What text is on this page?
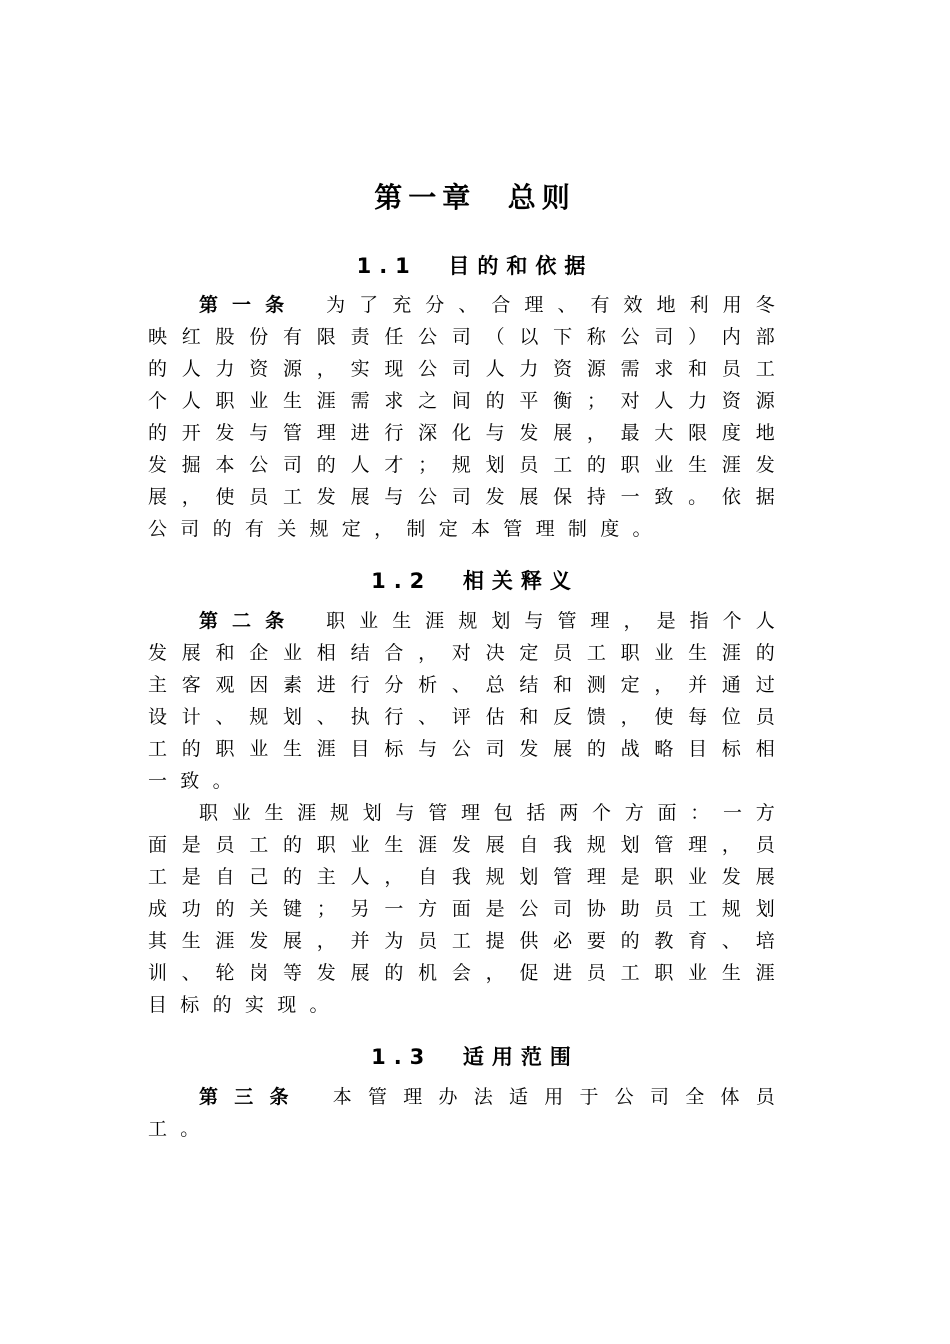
第一章  总则
1.1  目的和依据
第一条 为了充分、合理、有效地利用冬映红股份有限责任公司（以下称公司）内部的人力资源，实现公司人力资源需求和员工个人职业生涯需求之间的平衡；对人力资源的开发与管理进行深化与发展，最大限度地发掘本公司的人才；规划员工的职业生涯发展，使员工发展与公司发展保持一致。依据公司的有关规定，制定本管理制度。
1.2  相关释义
第二条 职业生涯规划与管理，是指个人发展和企业相结合，对决定员工职业生涯的主客观因素进行分析、总结和测定，并通过设计、规划、执行、评估和反馈，使每位员工的职业生涯目标与公司发展的战略目标相一致。
职业生涯规划与管理包括两个方面：一方面是员工的职业生涯发展自我规划管理，员工是自己的主人，自我规划管理是职业发展成功的关键；另一方面是公司协助员工规划其生涯发展，并为员工提供必要的教育、培训、轮岗等发展的机会，促进员工职业生涯目标的实现。
1.3  适用范围
第三条 本管理办法适用于公司全体员工。
